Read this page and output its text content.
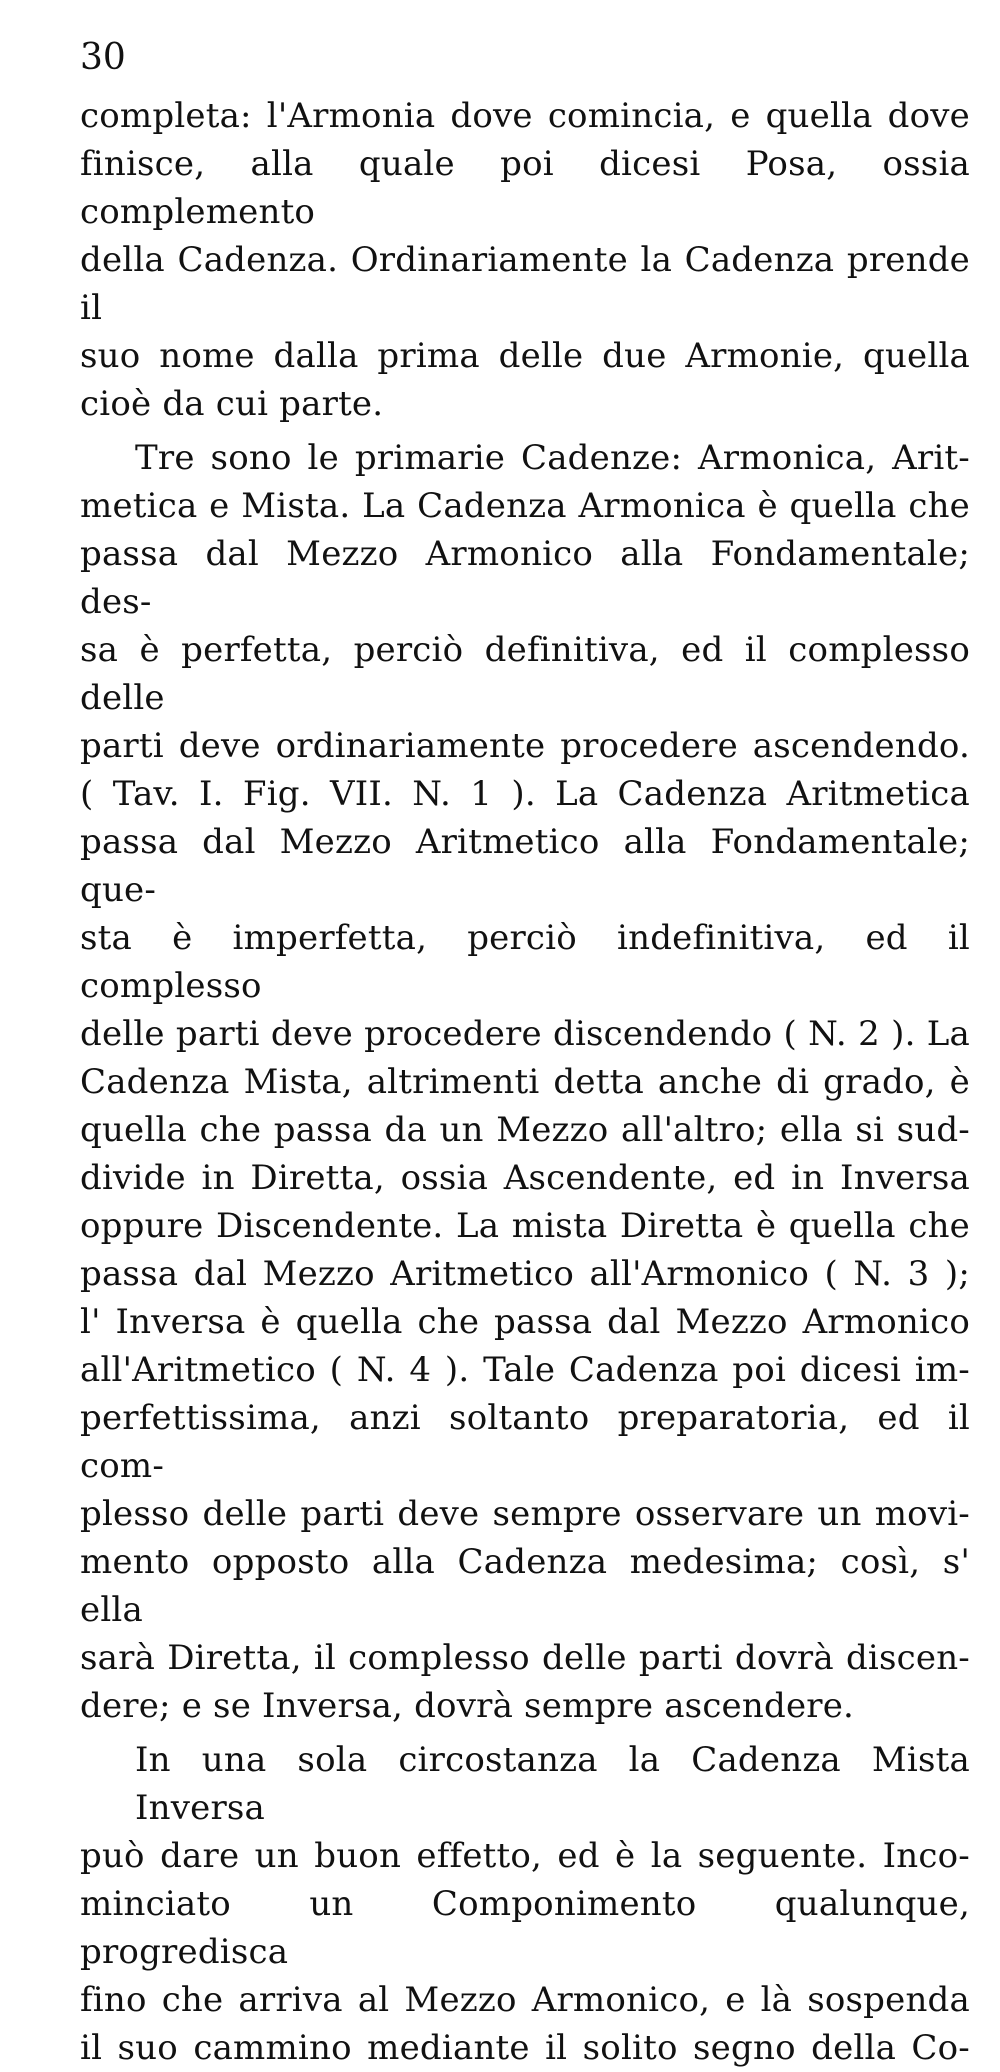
30
completa: l'Armonia dove comincia, e quella dove
finisce, alla quale poi dicesi Posa, ossia complemento
della Cadenza. Ordinariamente la Cadenza prende il
suo nome dalla prima delle due Armonie, quella
cioè da cui parte.
Tre sono le primarie Cadenze: Armonica, Arit-
metica e Mista. La Cadenza Armonica è quella che
passa dal Mezzo Armonico alla Fondamentale; des-
sa è perfetta, perciò definitiva, ed il complesso delle
parti deve ordinariamente procedere ascendendo.
( Tav. I. Fig. VII. N. 1 ). La Cadenza Aritmetica
passa dal Mezzo Aritmetico alla Fondamentale; que-
sta è imperfetta, perciò indefinitiva, ed il complesso
delle parti deve procedere discendendo ( N. 2 ). La
Cadenza Mista, altrimenti detta anche di grado, è
quella che passa da un Mezzo all'altro; ella si sud-
divide in Diretta, ossia Ascendente, ed in Inversa
oppure Discendente. La mista Diretta è quella che
passa dal Mezzo Aritmetico all'Armonico ( N. 3 );
l' Inversa è quella che passa dal Mezzo Armonico
all'Aritmetico ( N. 4 ). Tale Cadenza poi dicesi im-
perfettissima, anzi soltanto preparatoria, ed il com-
plesso delle parti deve sempre osservare un movi-
mento opposto alla Cadenza medesima; così, s' ella
sarà Diretta, il complesso delle parti dovrà discen-
dere; e se Inversa, dovrà sempre ascendere.
In una sola circostanza la Cadenza Mista Inversa
può dare un buon effetto, ed è la seguente. Inco-
minciato un Componimento qualunque, progredisca
fino che arriva al Mezzo Armonico, e là sospenda
il suo cammino mediante il solito segno della Co-
